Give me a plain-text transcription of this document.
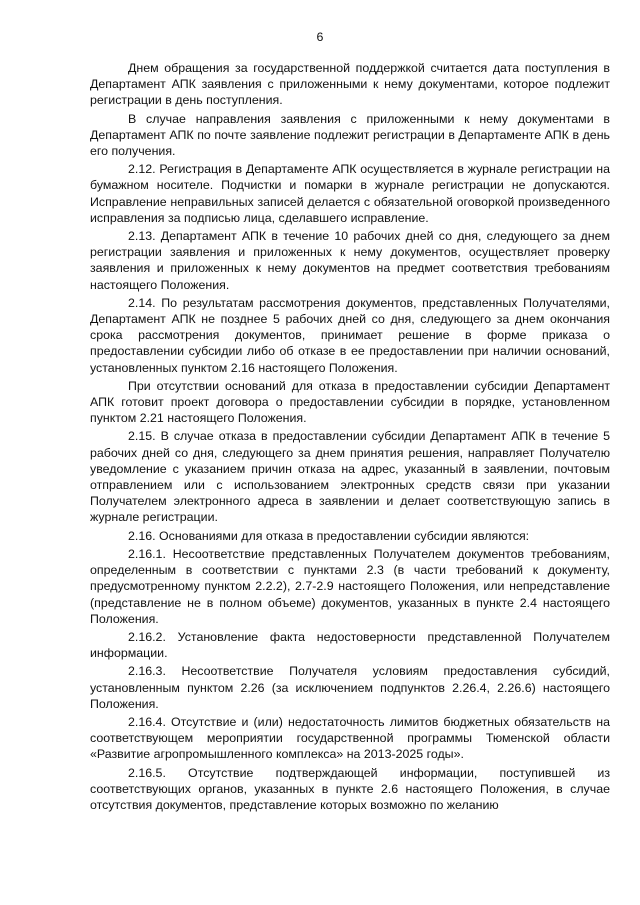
6

Днем обращения за государственной поддержкой считается дата поступления в Департамент АПК заявления с приложенными к нему документами, которое подлежит регистрации в день поступления.

В случае направления заявления с приложенными к нему документами в Департамент АПК по почте заявление подлежит регистрации в Департаменте АПК в день его получения.

2.12. Регистрация в Департаменте АПК осуществляется в журнале регистрации на бумажном носителе. Подчистки и помарки в журнале регистрации не допускаются. Исправление неправильных записей делается с обязательной оговоркой произведенного исправления за подписью лица, сделавшего исправление.

2.13. Департамент АПК в течение 10 рабочих дней со дня, следующего за днем регистрации заявления и приложенных к нему документов, осуществляет проверку заявления и приложенных к нему документов на предмет соответствия требованиям настоящего Положения.

2.14. По результатам рассмотрения документов, представленных Получателями, Департамент АПК не позднее 5 рабочих дней со дня, следующего за днем окончания срока рассмотрения документов, принимает решение в форме приказа о предоставлении субсидии либо об отказе в ее предоставлении при наличии оснований, установленных пунктом 2.16 настоящего Положения.

При отсутствии оснований для отказа в предоставлении субсидии Департамент АПК готовит проект договора о предоставлении субсидии в порядке, установленном пунктом 2.21 настоящего Положения.

2.15. В случае отказа в предоставлении субсидии Департамент АПК в течение 5 рабочих дней со дня, следующего за днем принятия решения, направляет Получателю уведомление с указанием причин отказа на адрес, указанный в заявлении, почтовым отправлением или с использованием электронных средств связи при указании Получателем электронного адреса в заявлении и делает соответствующую запись в журнале регистрации.

2.16. Основаниями для отказа в предоставлении субсидии являются:

2.16.1. Несоответствие представленных Получателем документов требованиям, определенным в соответствии с пунктами 2.3 (в части требований к документу, предусмотренному пунктом 2.2.2), 2.7-2.9 настоящего Положения, или непредставление (представление не в полном объеме) документов, указанных в пункте 2.4 настоящего Положения.

2.16.2. Установление факта недостоверности представленной Получателем информации.

2.16.3. Несоответствие Получателя условиям предоставления субсидий, установленным пунктом 2.26 (за исключением подпунктов 2.26.4, 2.26.6) настоящего Положения.

2.16.4. Отсутствие и (или) недостаточность лимитов бюджетных обязательств на соответствующем мероприятии государственной программы Тюменской области «Развитие агропромышленного комплекса» на 2013-2025 годы».

2.16.5. Отсутствие подтверждающей информации, поступившей из соответствующих органов, указанных в пункте 2.6 настоящего Положения, в случае отсутствия документов, представление которых возможно по желанию
